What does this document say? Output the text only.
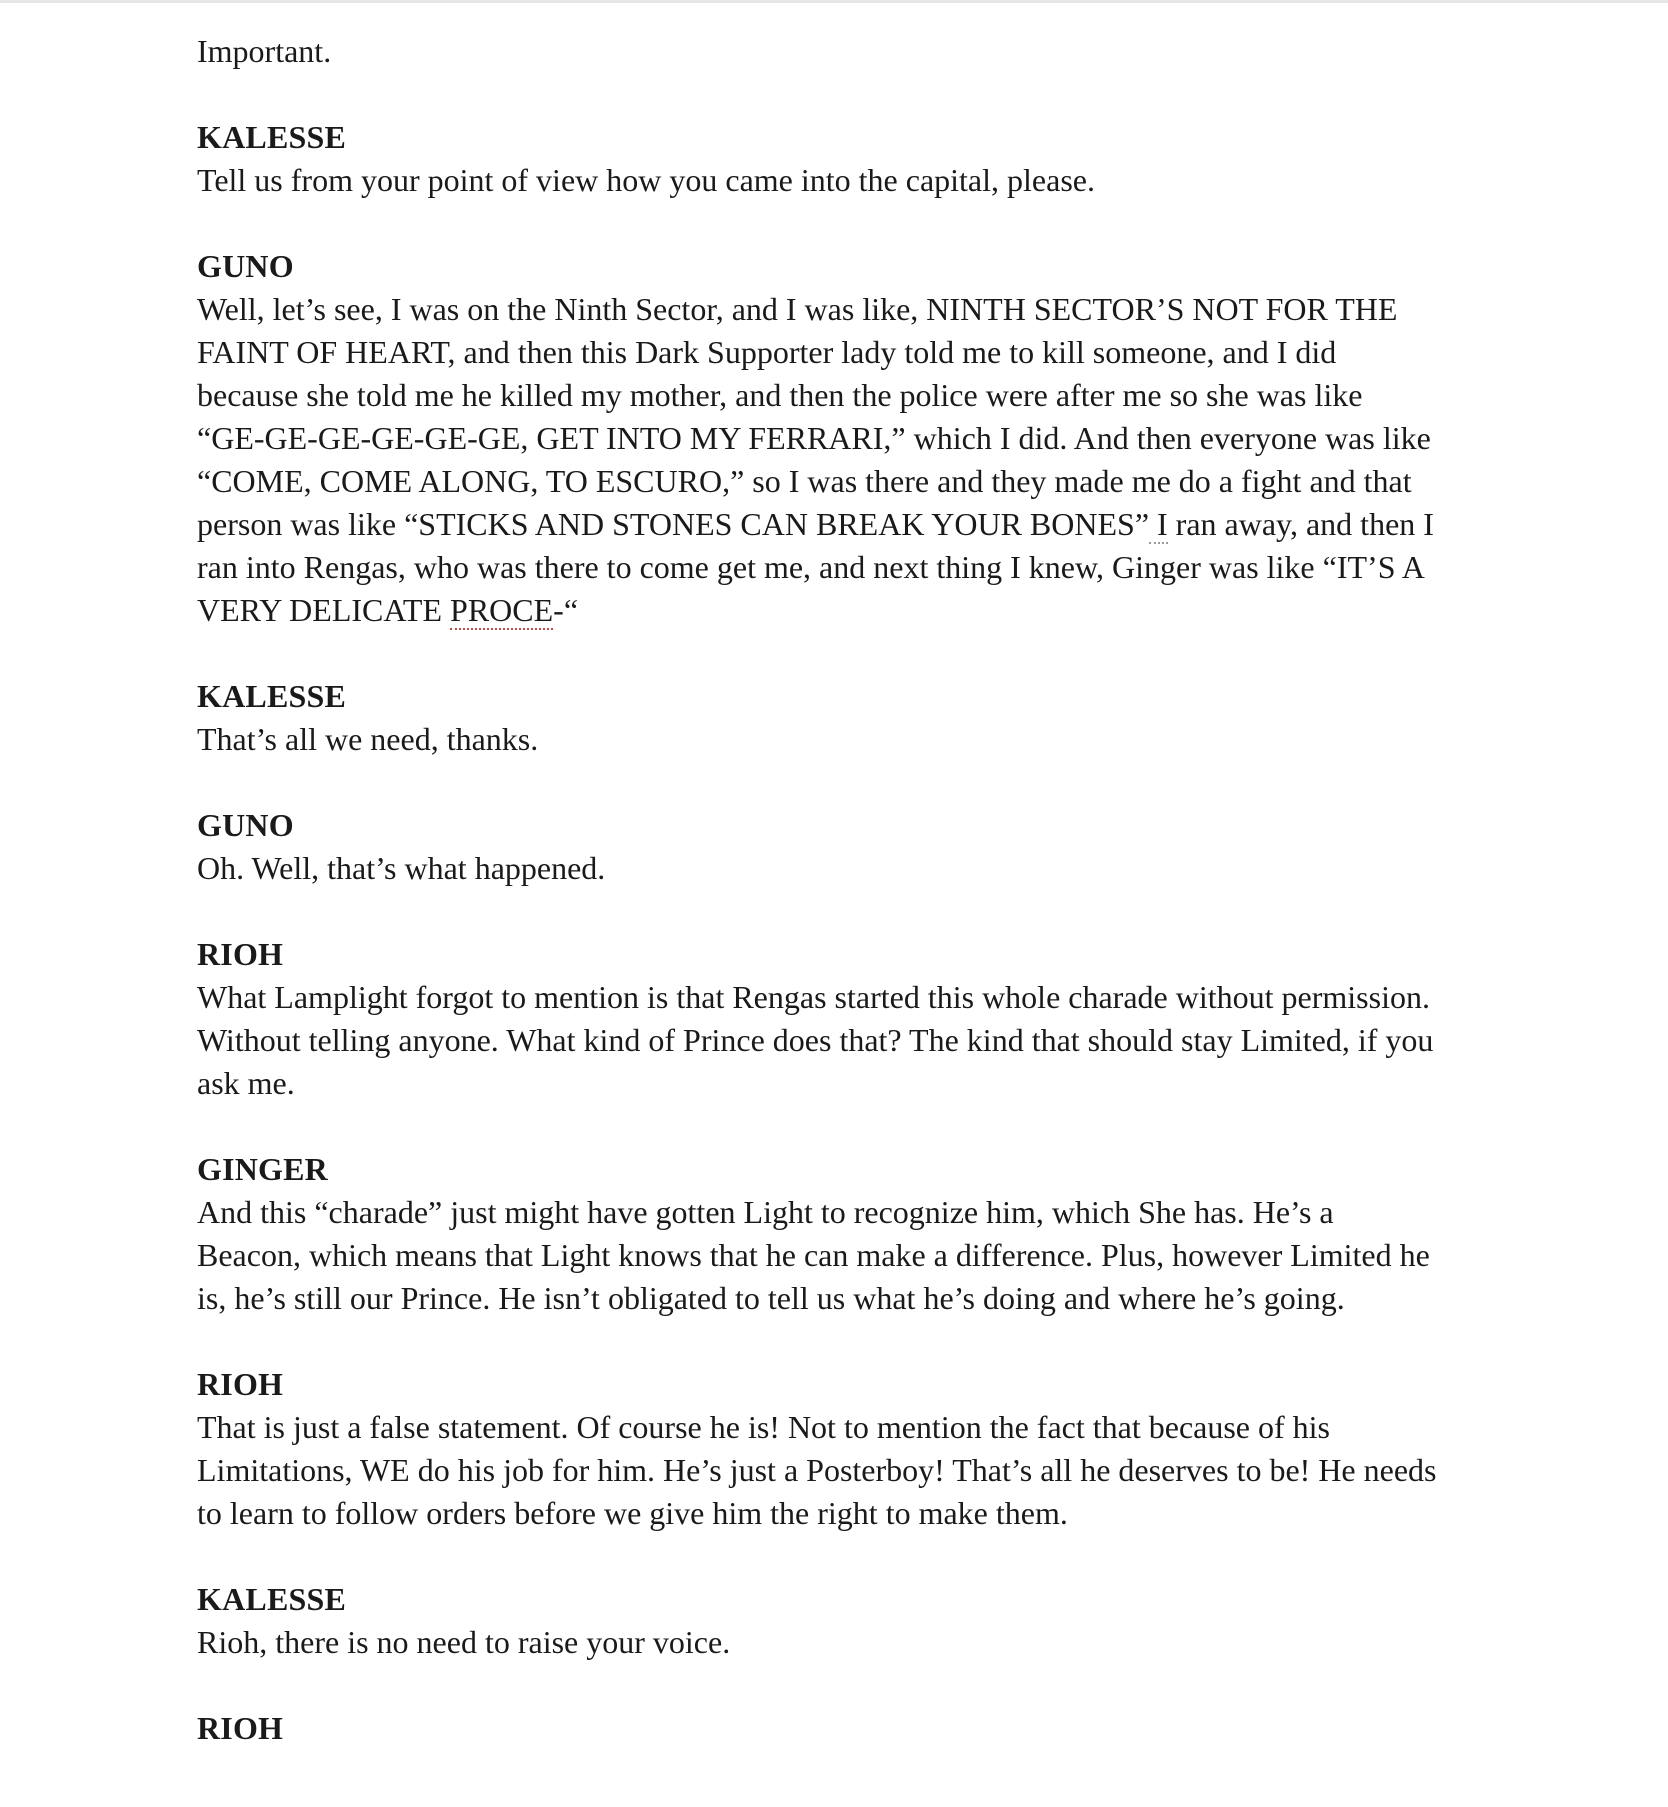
Important.
KALESSE
Tell us from your point of view how you came into the capital, please.
GUNO
Well, let’s see, I was on the Ninth Sector, and I was like, NINTH SECTOR’S NOT FOR THE
FAINT OF HEART, and then this Dark Supporter lady told me to kill someone, and I did
because she told me he killed my mother, and then the police were after me so she was like
“GE-GE-GE-GE-GE-GE, GET INTO MY FERRARI,” which I did. And then everyone was like
“COME, COME ALONG, TO ESCURO,” so I was there and they made me do a fight and that
person was like “STICKS AND STONES CAN BREAK YOUR BONES” I ran away, and then I
ran into Rengas, who was there to come get me, and next thing I knew, Ginger was like “IT’S A
VERY DELICATE PROCE-“
KALESSE
That’s all we need, thanks.
GUNO
Oh. Well, that’s what happened.
RIOH
What Lamplight forgot to mention is that Rengas started this whole charade without permission.
Without telling anyone. What kind of Prince does that? The kind that should stay Limited, if you
ask me.
GINGER
And this “charade” just might have gotten Light to recognize him, which She has. He’s a
Beacon, which means that Light knows that he can make a difference. Plus, however Limited he
is, he’s still our Prince. He isn’t obligated to tell us what he’s doing and where he’s going.
RIOH
That is just a false statement. Of course he is! Not to mention the fact that because of his
Limitations, WE do his job for him. He’s just a Posterboy! That’s all he deserves to be! He needs
to learn to follow orders before we give him the right to make them.
KALESSE
Rioh, there is no need to raise your voice.
RIOH
